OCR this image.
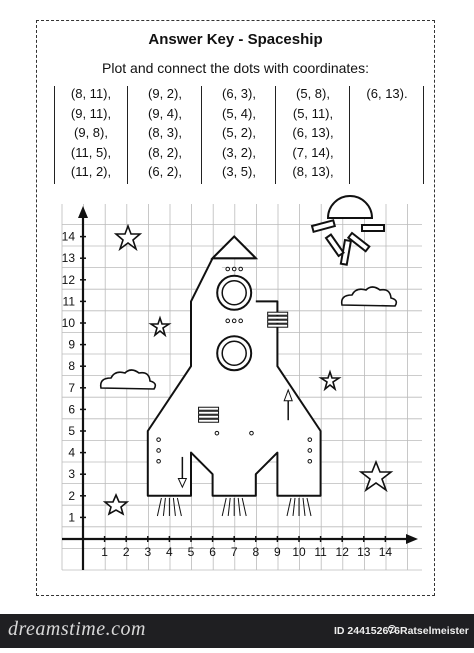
Answer Key - Spaceship
Plot and connect the dots with coordinates:
(8, 11),
(9, 11),
(9, 8),
(11, 5),
(11, 2),
(9, 2),
(9, 4),
(8, 3),
(8, 2),
(6, 2),
(6, 3),
(5, 4),
(5, 2),
(3, 2),
(3, 5),
(5, 8),
(5, 11),
(6, 13),
(7, 14),
(8, 13),
(6, 13).
1 2 3 4 5 6 7 8 9 10 11 12 13 14
1
2
3
4
5
6
7
8
9
10
11
12
13
14
dreamstime.com	ID 244152676 Ratselmeister
